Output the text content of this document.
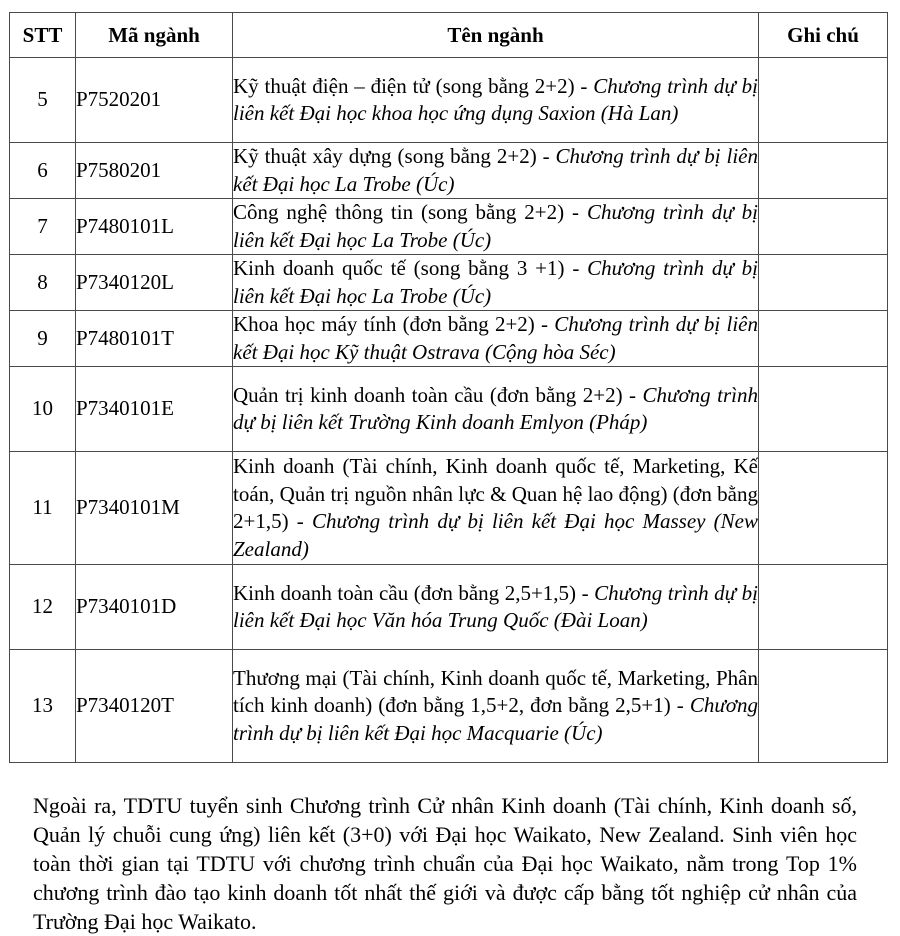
STT	Mã ngành	Tên ngành	Ghi chú
5	P7520201	Kỹ thuật điện – điện tử (song bằng 2+2) - Chương trình dự bị liên kết Đại học khoa học ứng dụng Saxion (Hà Lan)	
6	P7580201	Kỹ thuật xây dựng (song bằng 2+2) - Chương trình dự bị liên kết Đại học La Trobe (Úc)	
7	P7480101L	Công nghệ thông tin (song bằng 2+2) - Chương trình dự bị liên kết Đại học La Trobe (Úc)	
8	P7340120L	Kinh doanh quốc tế (song bằng 3 +1) - Chương trình dự bị liên kết Đại học La Trobe (Úc)	
9	P7480101T	Khoa học máy tính (đơn bằng 2+2) - Chương trình dự bị liên kết Đại học Kỹ thuật Ostrava (Cộng hòa Séc)	
10	P7340101E	Quản trị kinh doanh toàn cầu (đơn bằng 2+2) - Chương trình dự bị liên kết Trường Kinh doanh Emlyon (Pháp)	
11	P7340101M	Kinh doanh (Tài chính, Kinh doanh quốc tế, Marketing, Kế toán, Quản trị nguồn nhân lực & Quan hệ lao động) (đơn bằng 2+1,5) - Chương trình dự bị liên kết Đại học Massey (New Zealand)	
12	P7340101D	Kinh doanh toàn cầu (đơn bằng 2,5+1,5) - Chương trình dự bị liên kết Đại học Văn hóa Trung Quốc (Đài Loan)	
13	P7340120T	Thương mại (Tài chính, Kinh doanh quốc tế, Marketing, Phân tích kinh doanh) (đơn bằng 1,5+2, đơn bằng 2,5+1) - Chương trình dự bị liên kết Đại học Macquarie (Úc)	

Ngoài ra, TDTU tuyển sinh Chương trình Cử nhân Kinh doanh (Tài chính, Kinh doanh số, Quản lý chuỗi cung ứng) liên kết (3+0) với Đại học Waikato, New Zealand. Sinh viên học toàn thời gian tại TDTU với chương trình chuẩn của Đại học Waikato, nằm trong Top 1% chương trình đào tạo kinh doanh tốt nhất thế giới và được cấp bằng tốt nghiệp cử nhân của Trường Đại học Waikato.
